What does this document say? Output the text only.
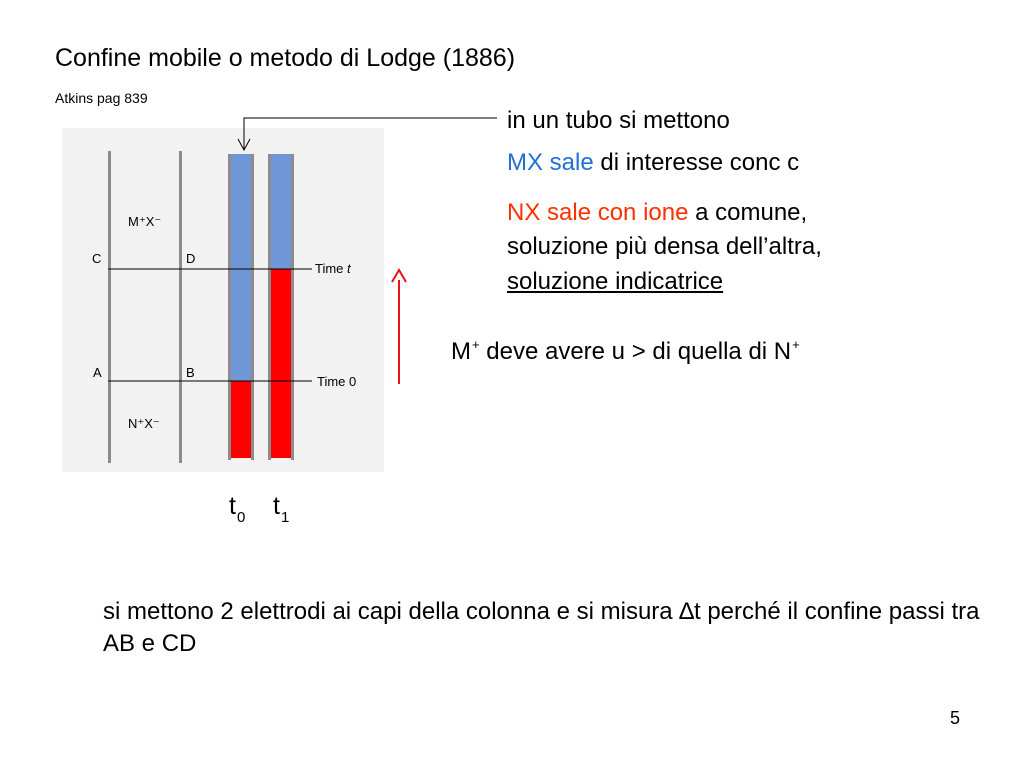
Confine mobile o metodo di Lodge (1886)
Atkins pag 839
M⁺X⁻
C	D
Time t
A	B
Time 0
N⁺X⁻
in un tubo si mettono
MX sale di interesse conc c
NX sale con ione a comune,
soluzione più densa dell’altra,
soluzione indicatrice
M+ deve avere u > di quella di N+
$t_0$ $t_1$
si mettono 2 elettrodi ai capi della colonna e si misura ∆t perché il confine passi tra AB e CD
5
